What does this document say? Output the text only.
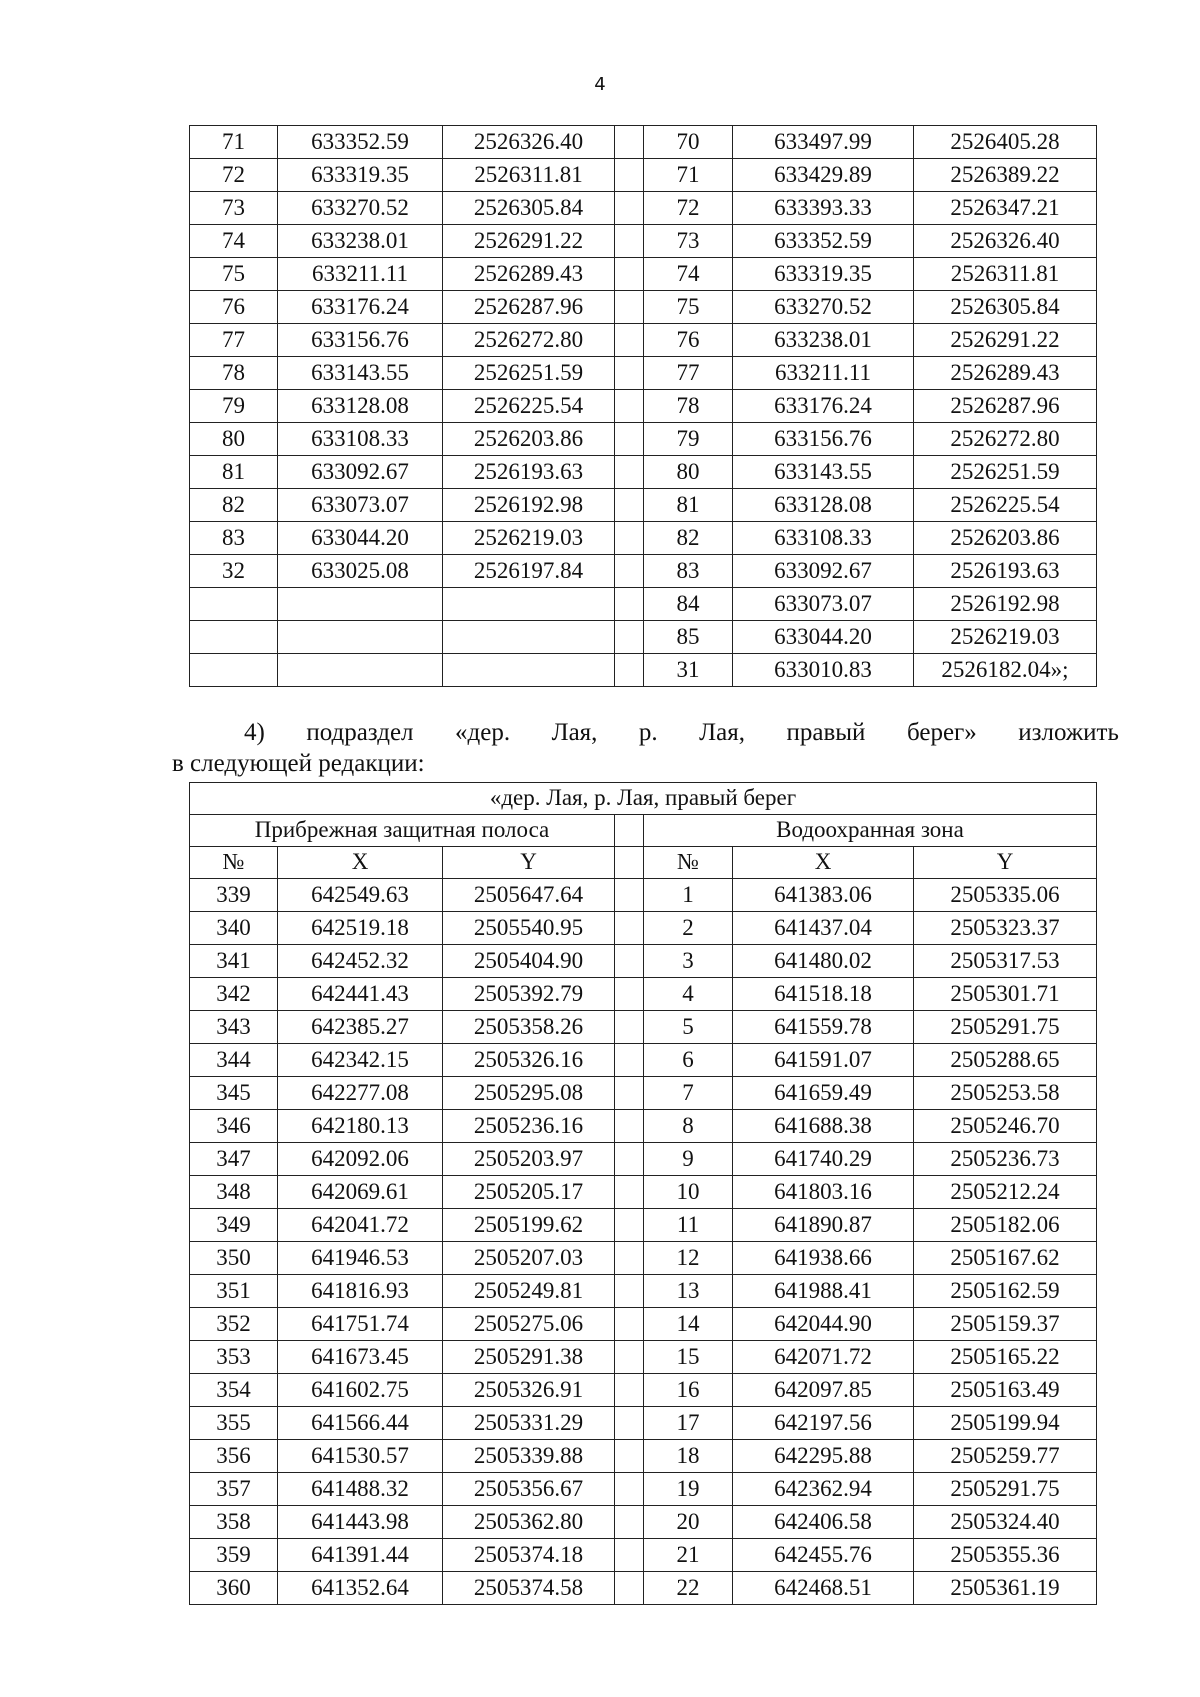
4
71	633352.59	2526326.40		70	633497.99	2526405.28
72	633319.35	2526311.81		71	633429.89	2526389.22
73	633270.52	2526305.84		72	633393.33	2526347.21
74	633238.01	2526291.22		73	633352.59	2526326.40
75	633211.11	2526289.43		74	633319.35	2526311.81
76	633176.24	2526287.96		75	633270.52	2526305.84
77	633156.76	2526272.80		76	633238.01	2526291.22
78	633143.55	2526251.59		77	633211.11	2526289.43
79	633128.08	2526225.54		78	633176.24	2526287.96
80	633108.33	2526203.86		79	633156.76	2526272.80
81	633092.67	2526193.63		80	633143.55	2526251.59
82	633073.07	2526192.98		81	633128.08	2526225.54
83	633044.20	2526219.03		82	633108.33	2526203.86
32	633025.08	2526197.84		83	633092.67	2526193.63
				84	633073.07	2526192.98
				85	633044.20	2526219.03
				31	633010.83	2526182.04»;
4) подраздел «дер. Лая, р. Лая, правый берег» изложить
в следующей редакции:
«дер. Лая, р. Лая, правый берег						
Прибрежная защитная полоса				Водоохранная зона		
№	X	Y		№	X	Y
339	642549.63	2505647.64		1	641383.06	2505335.06
340	642519.18	2505540.95		2	641437.04	2505323.37
341	642452.32	2505404.90		3	641480.02	2505317.53
342	642441.43	2505392.79		4	641518.18	2505301.71
343	642385.27	2505358.26		5	641559.78	2505291.75
344	642342.15	2505326.16		6	641591.07	2505288.65
345	642277.08	2505295.08		7	641659.49	2505253.58
346	642180.13	2505236.16		8	641688.38	2505246.70
347	642092.06	2505203.97		9	641740.29	2505236.73
348	642069.61	2505205.17		10	641803.16	2505212.24
349	642041.72	2505199.62		11	641890.87	2505182.06
350	641946.53	2505207.03		12	641938.66	2505167.62
351	641816.93	2505249.81		13	641988.41	2505162.59
352	641751.74	2505275.06		14	642044.90	2505159.37
353	641673.45	2505291.38		15	642071.72	2505165.22
354	641602.75	2505326.91		16	642097.85	2505163.49
355	641566.44	2505331.29		17	642197.56	2505199.94
356	641530.57	2505339.88		18	642295.88	2505259.77
357	641488.32	2505356.67		19	642362.94	2505291.75
358	641443.98	2505362.80		20	642406.58	2505324.40
359	641391.44	2505374.18		21	642455.76	2505355.36
360	641352.64	2505374.58		22	642468.51	2505361.19
